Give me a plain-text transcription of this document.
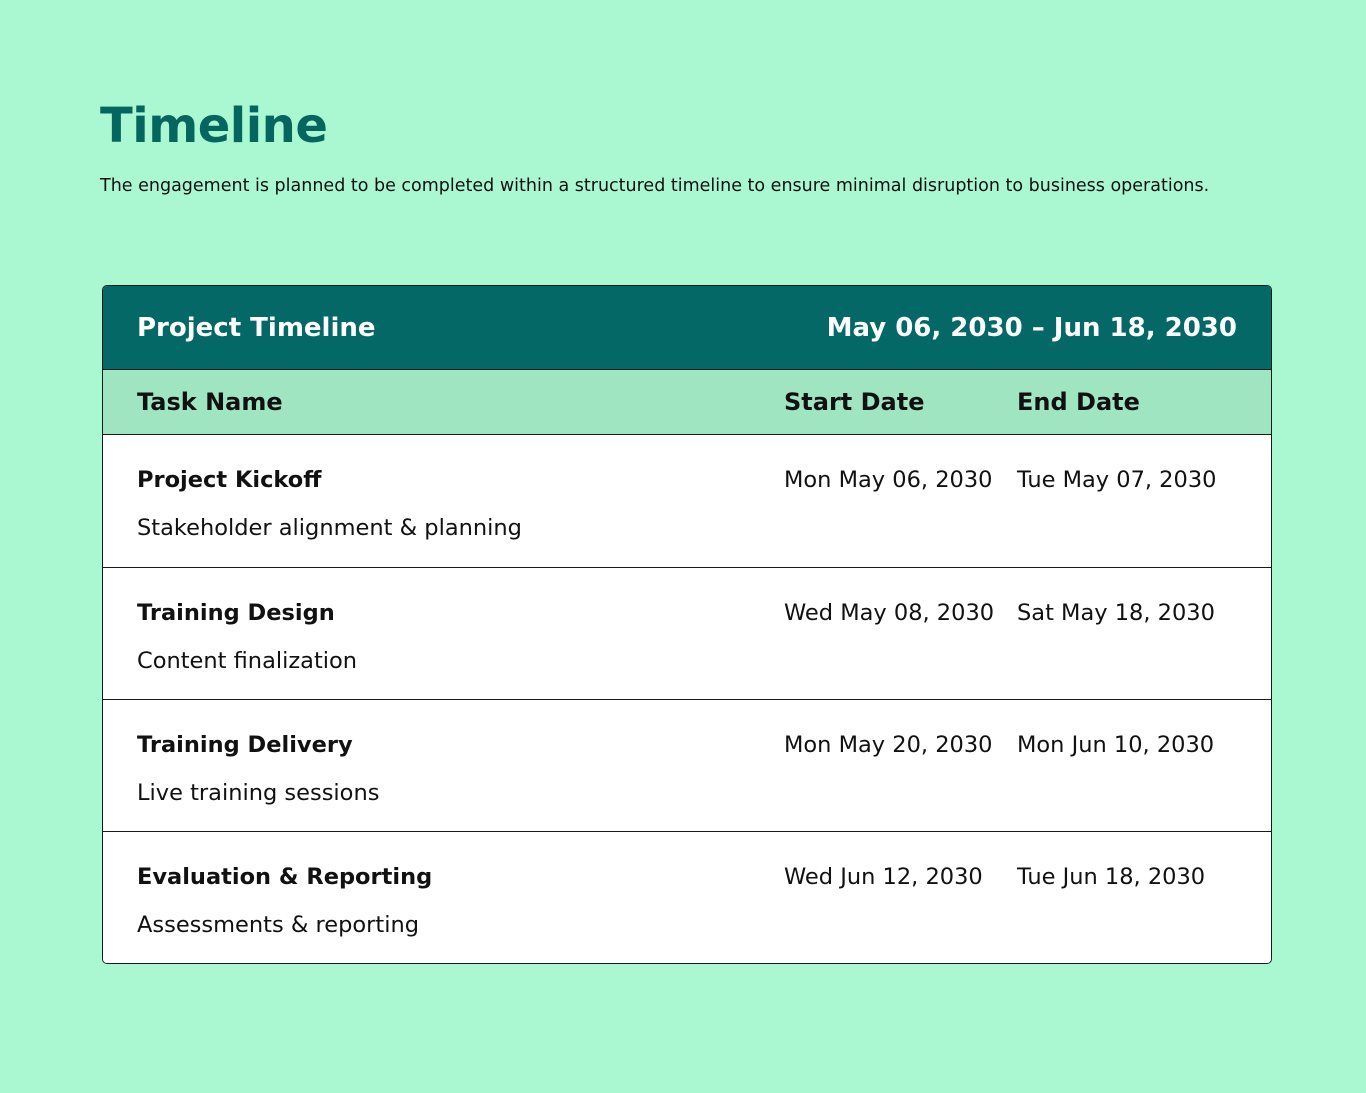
Timeline

The engagement is planned to be completed within a structured timeline to ensure minimal disruption to business operations.

Project Timeline	May 06, 2030 – Jun 18, 2030
Task Name	Start Date	End Date
Project Kickoff
Stakeholder alignment & planning
Mon May 06, 2030	Tue May 07, 2030
Training Design
Content finalization
Wed May 08, 2030	Sat May 18, 2030
Training Delivery
Live training sessions
Mon May 20, 2030	Mon Jun 10, 2030
Evaluation & Reporting
Assessments & reporting
Wed Jun 12, 2030	Tue Jun 18, 2030
